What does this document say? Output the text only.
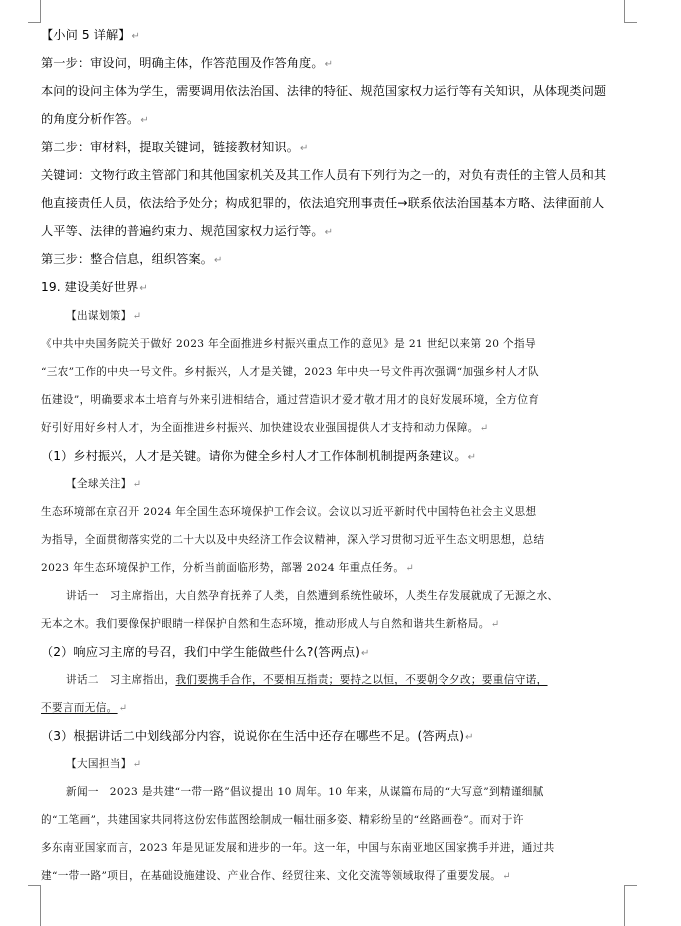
【小问 5 详解】↵
第一步：审设问，明确主体，作答范围及作答角度。↵
本问的设问主体为学生，需要调用依法治国、法律的特征、规范国家权力运行等有关知识，从体现类问题
的角度分析作答。↵
第二步：审材料，提取关键词，链接教材知识。↵
关键词：文物行政主管部门和其他国家机关及其工作人员有下列行为之一的，对负有责任的主管人员和其
他直接责任人员，依法给予处分；构成犯罪的，依法追究刑事责任→联系依法治国基本方略、法律面前人
人平等、法律的普遍约束力、规范国家权力运行等。↵
第三步：整合信息，组织答案。↵
19. 建设美好世界↵
【出谋划策】↵
《中共中央国务院关于做好 2023 年全面推进乡村振兴重点工作的意见》是 21 世纪以来第 20 个指导
“三农”工作的中央一号文件。乡村振兴，人才是关键，2023 年中央一号文件再次强调“加强乡村人才队
伍建设”，明确要求本土培育与外来引进相结合，通过营造识才爱才敬才用才的良好发展环境，全方位育
好引好用好乡村人才，为全面推进乡村振兴、加快建设农业强国提供人才支持和动力保障。↵
（1）乡村振兴，人才是关键。请你为健全乡村人才工作体制机制提两条建议。↵
【全球关注】↵
生态环境部在京召开 2024 年全国生态环境保护工作会议。会议以习近平新时代中国特色社会主义思想
为指导，全面贯彻落实党的二十大以及中央经济工作会议精神，深入学习贯彻习近平生态文明思想，总结
2023 年生态环境保护工作，分析当前面临形势，部署 2024 年重点任务。↵
讲话一　习主席指出，大自然孕育抚养了人类，自然遭到系统性破坏，人类生存发展就成了无源之水、
无本之木。我们要像保护眼睛一样保护自然和生态环境，推动形成人与自然和谐共生新格局。↵
（2）响应习主席的号召，我们中学生能做些什么?(答两点)↵
讲话二　习主席指出，我们要携手合作，不要相互指责；要持之以恒，不要朝令夕改；要重信守诺，
不要言而无信。↵
（3）根据讲话二中划线部分内容，说说你在生活中还存在哪些不足。(答两点)↵
【大国担当】↵
新闻一　2023 是共建“一带一路”倡议提出 10 周年。10 年来，从谋篇布局的“大写意”到精谨细腻
的“工笔画”，共建国家共同将这份宏伟蓝图绘制成一幅壮丽多姿、精彩纷呈的“丝路画卷”。而对于许
多东南亚国家而言，2023 年是见证发展和进步的一年。这一年，中国与东南亚地区国家携手并进，通过共
建“一带一路”项目，在基础设施建设、产业合作、经贸往来、文化交流等领域取得了重要发展。↵
